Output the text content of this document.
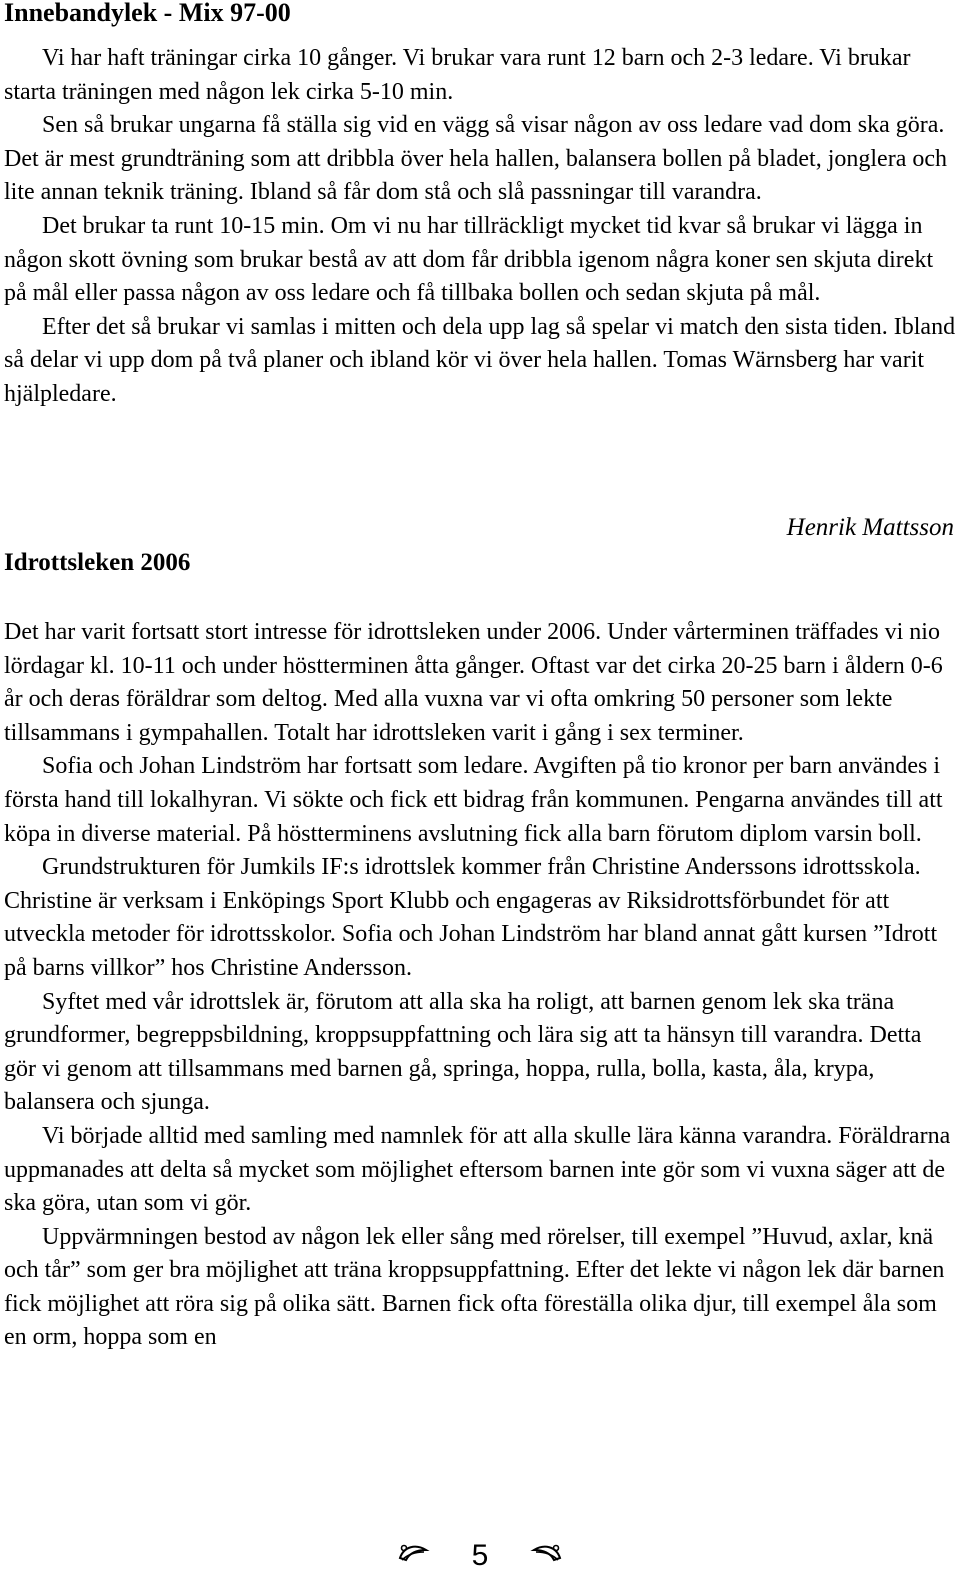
Innebandylek - Mix 97-00

Vi har haft träningar cirka 10 gånger. Vi brukar vara runt 12 barn och 2-3 ledare. Vi brukar starta träningen med någon lek cirka 5-10 min.

Sen så brukar ungarna få ställa sig vid en vägg så visar någon av oss ledare vad dom ska göra. Det är mest grundträning som att dribbla över hela hallen, balansera bollen på bladet, jonglera och lite annan teknik träning. Ibland så får dom stå och slå passningar till varandra.

Det brukar ta runt 10-15 min. Om vi nu har tillräckligt mycket tid kvar så brukar vi lägga in någon skott övning som brukar bestå av att dom får dribbla igenom några koner sen skjuta direkt på mål eller passa någon av oss ledare och få tillbaka bollen och sedan skjuta på mål.

Efter det så brukar vi samlas i mitten och dela upp lag så spelar vi match den sista tiden. Ibland så delar vi upp dom på två planer och ibland kör vi över hela hallen. Tomas Wärnsberg har varit hjälpledare.

Henrik Mattsson
Idrottsleken 2006

Det har varit fortsatt stort intresse för idrottsleken under 2006. Under vårterminen träffades vi nio lördagar kl. 10-11 och under höstterminen åtta gånger. Oftast var det cirka 20-25 barn i åldern 0-6 år och deras föräldrar som deltog. Med alla vuxna var vi ofta omkring 50 personer som lekte tillsammans i gympahallen. Totalt har idrottsleken varit i gång i sex terminer.

Sofia och Johan Lindström har fortsatt som ledare. Avgiften på tio kronor per barn användes i första hand till lokalhyran. Vi sökte och fick ett bidrag från kommunen. Pengarna användes till att köpa in diverse material. På höstterminens avslutning fick alla barn förutom diplom varsin boll.

Grundstrukturen för Jumkils IF:s idrottslek kommer från Christine Anderssons idrottsskola. Christine är verksam i Enköpings Sport Klubb och engageras av Riksidrottsförbundet för att utveckla metoder för idrottsskolor. Sofia och Johan Lindström har bland annat gått kursen ”Idrott på barns villkor” hos Christine Andersson.

Syftet med vår idrottslek är, förutom att alla ska ha roligt, att barnen genom lek ska träna grundformer, begreppsbildning, kroppsuppfattning och lära sig att ta hänsyn till varandra. Detta gör vi genom att tillsammans med barnen gå, springa, hoppa, rulla, bolla, kasta, åla, krypa, balansera och sjunga.

Vi började alltid med samling med namnlek för att alla skulle lära känna varandra. Föräldrarna uppmanades att delta så mycket som möjlighet eftersom barnen inte gör som vi vuxna säger att de ska göra, utan som vi gör.

Uppvärmningen bestod av någon lek eller sång med rörelser, till exempel ”Huvud, axlar, knä och tår” som ger bra möjlighet att träna kroppsuppfattning. Efter det lekte vi någon lek där barnen fick möjlighet att röra sig på olika sätt. Barnen fick ofta föreställa olika djur, till exempel åla som en orm, hoppa som en

5
